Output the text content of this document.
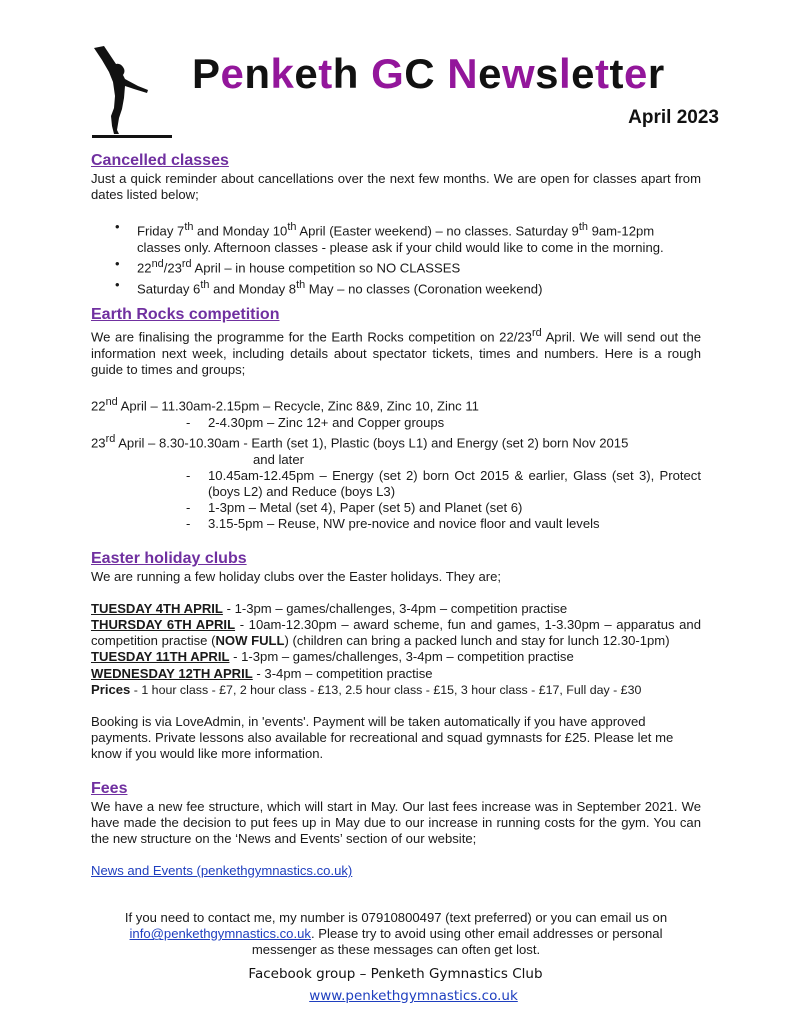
Penketh GC Newsletter
April 2023
Cancelled classes

Just a quick reminder about cancellations over the next few months. We are open for classes apart from dates listed below;

• Friday 7th and Monday 10th April (Easter weekend) – no classes. Saturday 9th 9am-12pm classes only. Afternoon classes - please ask if your child would like to come in the morning.
• 22nd/23rd April – in house competition so NO CLASSES
• Saturday 6th and Monday 8th May – no classes (Coronation weekend)
Earth Rocks competition

We are finalising the programme for the Earth Rocks competition on 22/23rd April. We will send out the information next week, including details about spectator tickets, times and numbers. Here is a rough guide to times and groups;

22nd April – 11.30am-2.15pm – Recycle, Zinc 8&9, Zinc 10, Zinc 11
- 2-4.30pm – Zinc 12+ and Copper groups
23rd April – 8.30-10.30am - Earth (set 1), Plastic (boys L1) and Energy (set 2) born Nov 2015
and later
- 10.45am-12.45pm – Energy (set 2) born Oct 2015 & earlier, Glass (set 3), Protect (boys L2) and Reduce (boys L3)
- 1-3pm – Metal (set 4), Paper (set 5) and Planet (set 6)
- 3.15-5pm – Reuse, NW pre-novice and novice floor and vault levels
Easter holiday clubs

We are running a few holiday clubs over the Easter holidays. They are;

TUESDAY 4TH APRIL - 1-3pm – games/challenges, 3-4pm – competition practise

THURSDAY 6TH APRIL - 10am-12.30pm – award scheme, fun and games, 1-3.30pm – apparatus and competition practise (NOW FULL) (children can bring a packed lunch and stay for lunch 12.30-1pm)

TUESDAY 11TH APRIL - 1-3pm – games/challenges, 3-4pm – competition practise

WEDNESDAY 12TH APRIL - 3-4pm – competition practise

Prices - 1 hour class - £7, 2 hour class - £13, 2.5 hour class - £15, 3 hour class - £17, Full day - £30

Booking is via LoveAdmin, in 'events'. Payment will be taken automatically if you have approved payments. Private lessons also available for recreational and squad gymnasts for £25. Please let me know if you would like more information.

Fees

We have a new fee structure, which will start in May. Our last fees increase was in September 2021. We have made the decision to put fees up in May due to our increase in running costs for the gym. You can the new structure on the ‘News and Events’ section of our website;

News and Events (penkethgymnastics.co.uk)
If you need to contact me, my number is 07910800497 (text preferred) or you can email us on
info@penkethgymnastics.co.uk. Please try to avoid using other email addresses or personal
messenger as these messages can often get lost.
Facebook group – Penketh Gymnastics Club
www.penkethgymnastics.co.uk
